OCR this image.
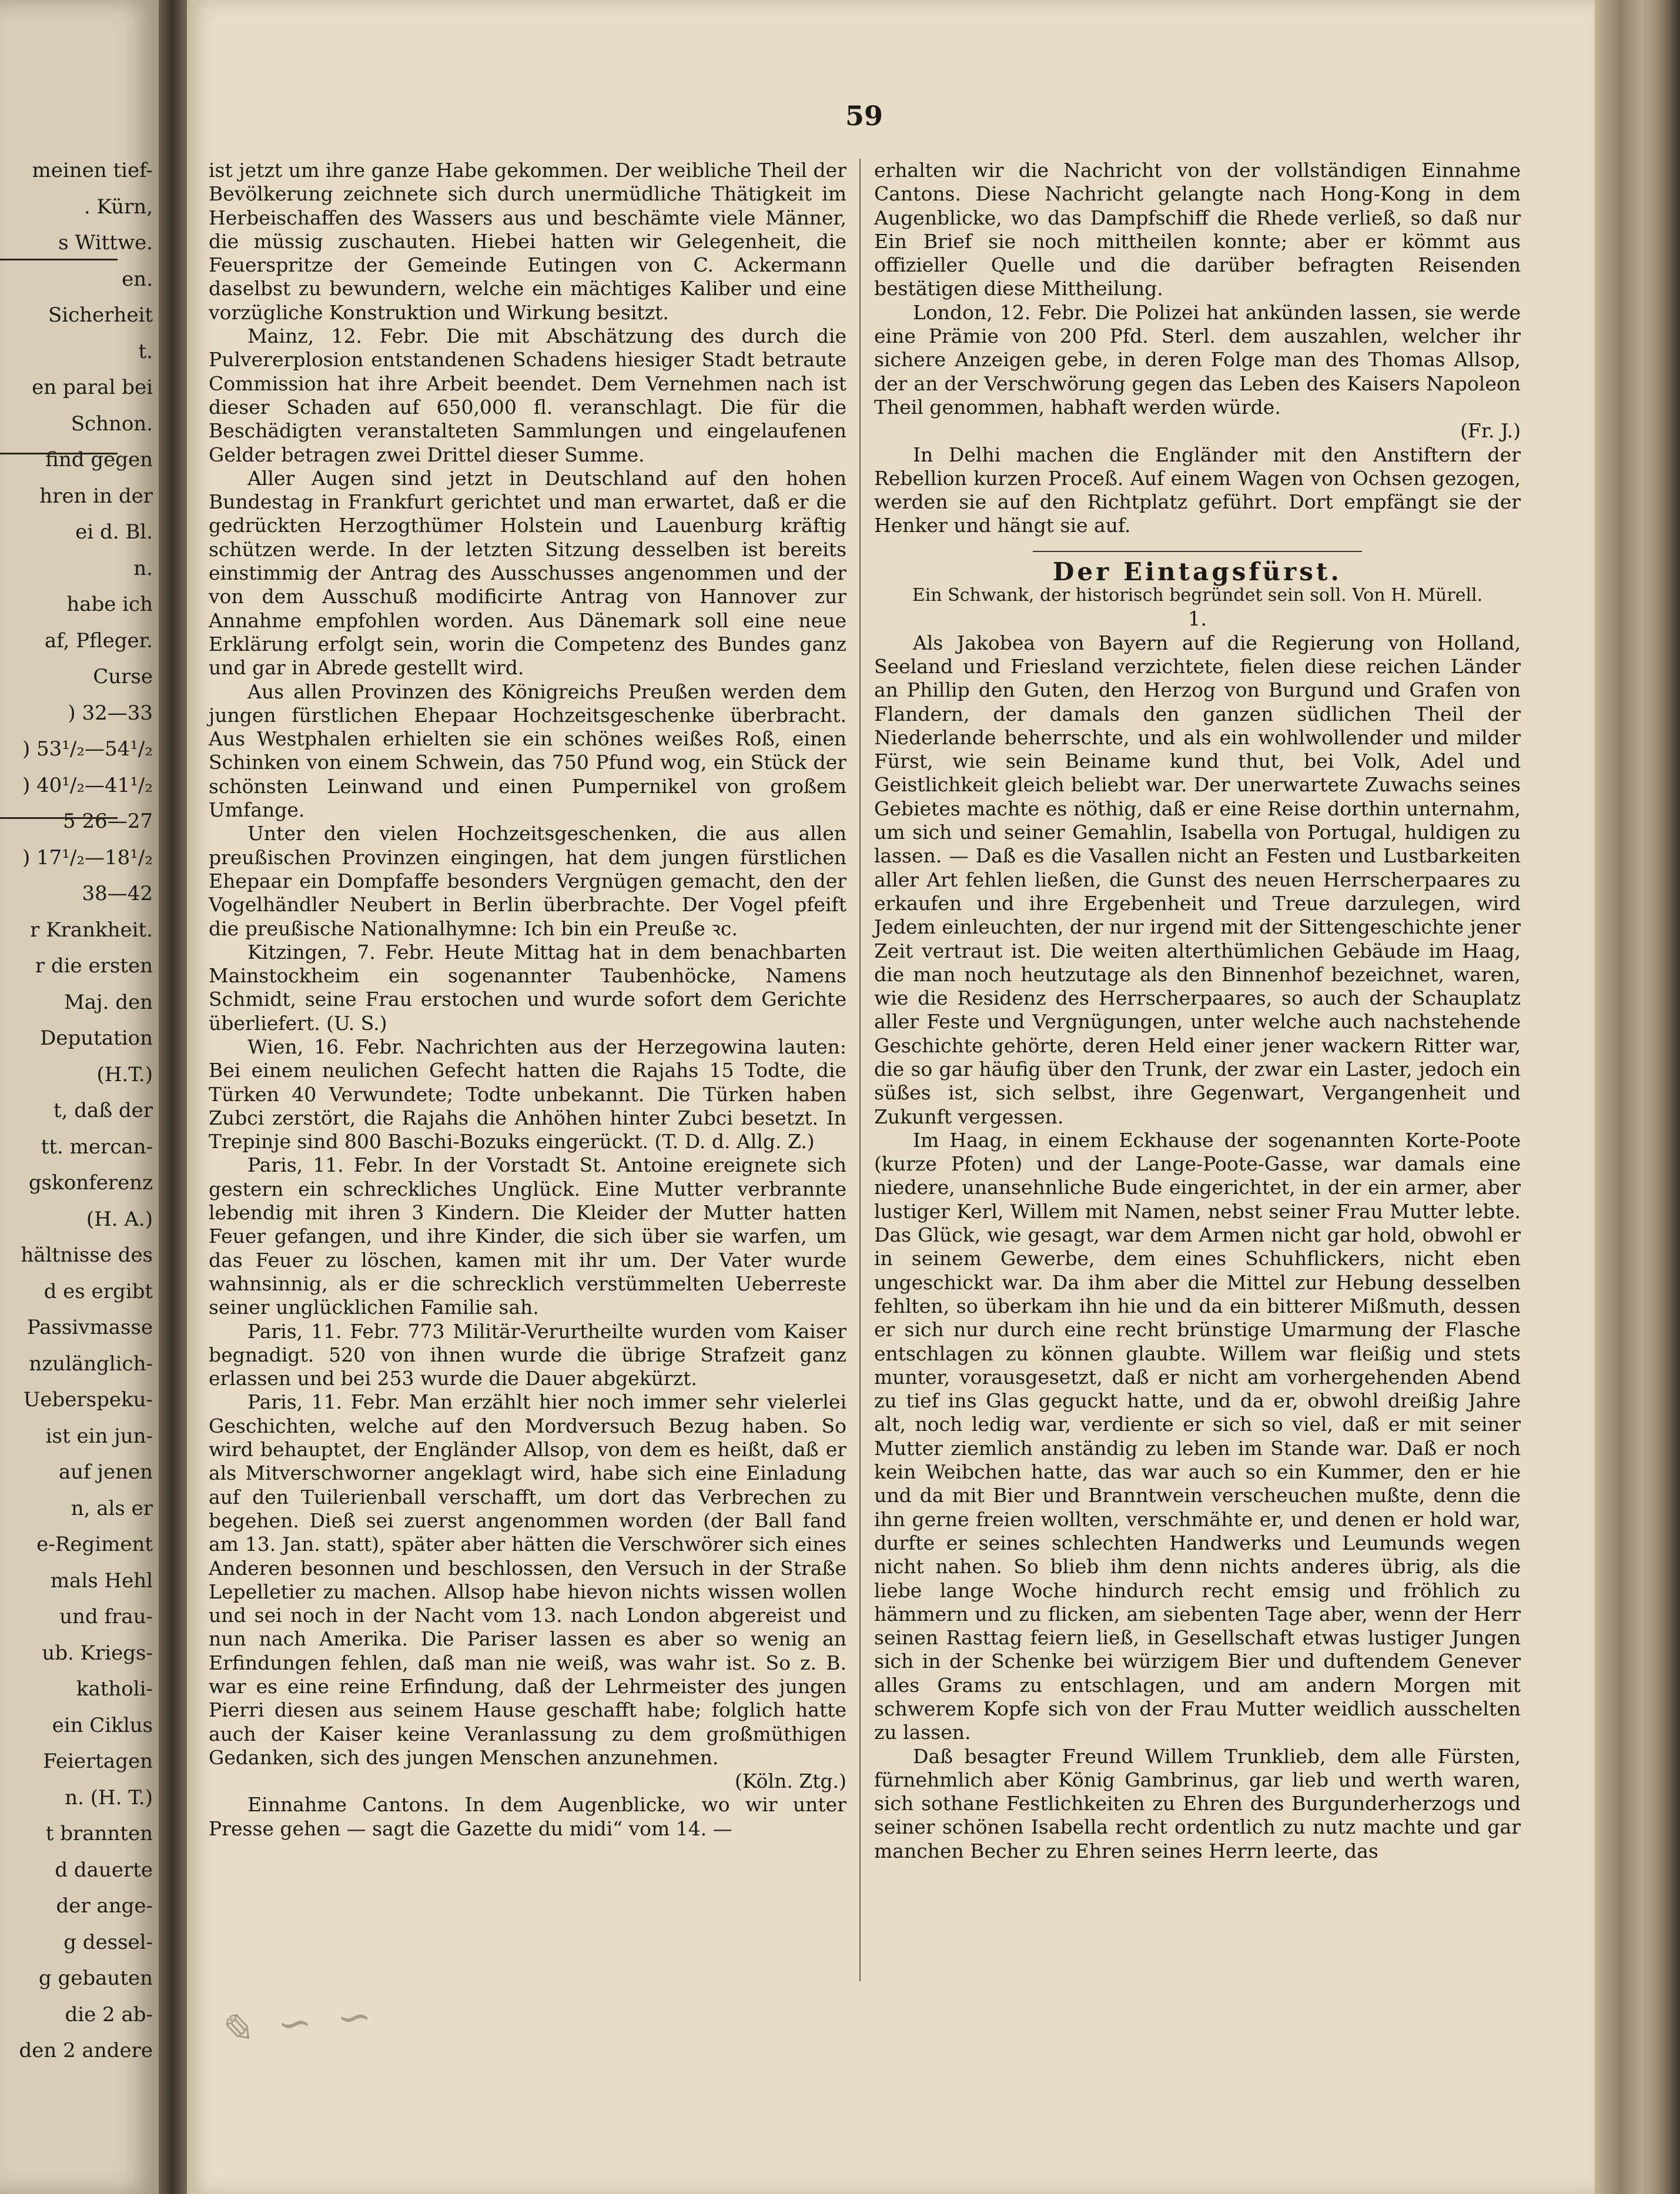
meinen tief-
. Kürn,
s Wittwe.
en.
Sicherheit
t.
en paral bei
Schnon.
find gegen
hren in der
ei d. Bl.
n.
habe ich
af, Pfleger.
Curse
) 32—33
) 53¹/₂—54¹/₂
) 40¹/₂—41¹/₂
5 26—27
) 17¹/₂—18¹/₂
38—42
r Krankheit.
r die ersten
Maj. den
Deputation
(H.T.)
t, daß der
tt. mercan-
gskonferenz
(H. A.)
hältnisse des
d es ergibt
Passivmasse
nzulänglich-
Ueberspeku-
ist ein jun-
auf jenen
n, als er
e-Regiment
mals Hehl
und frau-
ub. Kriegs-
katholi-
ein Ciklus
Feiertagen
n. (H. T.)
t brannten
d dauerte
der ange-
g dessel-
g gebauten
die 2 ab-
den 2 andere
59

ist jetzt um ihre ganze Habe gekommen. Der weibliche Theil der Bevölkerung zeichnete sich durch unermüdliche Thätigkeit im Herbeischaffen des Wassers aus und beschämte viele Männer, die müssig zuschauten. Hiebei hatten wir Gelegenheit, die Feuerspritze der Gemeinde Eutingen von C. Ackermann daselbst zu bewundern, welche ein mächtiges Kaliber und eine vorzügliche Konstruktion und Wirkung besitzt.

Mainz, 12. Febr. Die mit Abschätzung des durch die Pulvererplosion entstandenen Schadens hiesiger Stadt betraute Commission hat ihre Arbeit beendet. Dem Vernehmen nach ist dieser Schaden auf 650,000 fl. veranschlagt. Die für die Beschädigten veranstalteten Sammlungen und eingelaufenen Gelder betragen zwei Drittel dieser Summe.

Aller Augen sind jetzt in Deutschland auf den hohen Bundestag in Frankfurt gerichtet und man erwartet, daß er die gedrückten Herzogthümer Holstein und Lauenburg kräftig schützen werde. In der letzten Sitzung desselben ist bereits einstimmig der Antrag des Ausschusses angenommen und der von dem Ausschuß modificirte Antrag von Hannover zur Annahme empfohlen worden. Aus Dänemark soll eine neue Erklärung erfolgt sein, worin die Competenz des Bundes ganz und gar in Abrede gestellt wird.

Aus allen Provinzen des Königreichs Preußen werden dem jungen fürstlichen Ehepaar Hochzeitsgeschenke überbracht. Aus Westphalen erhielten sie ein schönes weißes Roß, einen Schinken von einem Schwein, das 750 Pfund wog, ein Stück der schönsten Leinwand und einen Pumpernikel von großem Umfange.

Unter den vielen Hochzeitsgeschenken, die aus allen preußischen Provinzen eingingen, hat dem jungen fürstlichen Ehepaar ein Dompfaffe besonders Vergnügen gemacht, den der Vogelhändler Neubert in Berlin überbrachte. Der Vogel pfeift die preußische Nationalhymne: Ich bin ein Preuße ꝛc.

Kitzingen, 7. Febr. Heute Mittag hat in dem benachbarten Mainstockheim ein sogenannter Taubenhöcke, Namens Schmidt, seine Frau erstochen und wurde sofort dem Gerichte überliefert. (U. S.)

Wien, 16. Febr. Nachrichten aus der Herzegowina lauten: Bei einem neulichen Gefecht hatten die Rajahs 15 Todte, die Türken 40 Verwundete; Todte unbekannt. Die Türken haben Zubci zerstört, die Rajahs die Anhöhen hinter Zubci besetzt. In Trepinje sind 800 Baschi-Bozuks eingerückt. (T. D. d. Allg. Z.)

Paris, 11. Febr. In der Vorstadt St. Antoine ereignete sich gestern ein schreckliches Unglück. Eine Mutter verbrannte lebendig mit ihren 3 Kindern. Die Kleider der Mutter hatten Feuer gefangen, und ihre Kinder, die sich über sie warfen, um das Feuer zu löschen, kamen mit ihr um. Der Vater wurde wahnsinnig, als er die schrecklich verstümmelten Ueberreste seiner unglücklichen Familie sah.

Paris, 11. Febr. 773 Militär-Verurtheilte wurden vom Kaiser begnadigt. 520 von ihnen wurde die übrige Strafzeit ganz erlassen und bei 253 wurde die Dauer abgekürzt.

Paris, 11. Febr. Man erzählt hier noch immer sehr vielerlei Geschichten, welche auf den Mordversuch Bezug haben. So wird behauptet, der Engländer Allsop, von dem es heißt, daß er als Mitverschworner angeklagt wird, habe sich eine Einladung auf den Tuilerienball verschafft, um dort das Verbrechen zu begehen. Dieß sei zuerst angenommen worden (der Ball fand am 13. Jan. statt), später aber hätten die Verschwörer sich eines Anderen besonnen und beschlossen, den Versuch in der Straße Lepelletier zu machen. Allsop habe hievon nichts wissen wollen und sei noch in der Nacht vom 13. nach London abgereist und nun nach Amerika. Die Pariser lassen es aber so wenig an Erfindungen fehlen, daß man nie weiß, was wahr ist. So z. B. war es eine reine Erfindung, daß der Lehrmeister des jungen Pierri diesen aus seinem Hause geschafft habe; folglich hatte auch der Kaiser keine Veranlassung zu dem großmüthigen Gedanken, sich des jungen Menschen anzunehmen.

(Köln. Ztg.)

Einnahme Cantons. In dem Augenblicke, wo wir unter Presse gehen — sagt die Gazette du midi“ vom 14. —

erhalten wir die Nachricht von der vollständigen Einnahme Cantons. Diese Nachricht gelangte nach Hong-Kong in dem Augenblicke, wo das Dampfschiff die Rhede verließ, so daß nur Ein Brief sie noch mittheilen konnte; aber er kömmt aus offizieller Quelle und die darüber befragten Reisenden bestätigen diese Mittheilung.

London, 12. Febr. Die Polizei hat ankünden lassen, sie werde eine Prämie von 200 Pfd. Sterl. dem auszahlen, welcher ihr sichere Anzeigen gebe, in deren Folge man des Thomas Allsop, der an der Verschwörung gegen das Leben des Kaisers Napoleon Theil genommen, habhaft werden würde.

(Fr. J.)

In Delhi machen die Engländer mit den Anstiftern der Rebellion kurzen Proceß. Auf einem Wagen von Ochsen gezogen, werden sie auf den Richtplatz geführt. Dort empfängt sie der Henker und hängt sie auf.

Der Eintagsfürst.

Ein Schwank, der historisch begründet sein soll. Von H. Mürell.

1.

Als Jakobea von Bayern auf die Regierung von Holland, Seeland und Friesland verzichtete, fielen diese reichen Länder an Phillip den Guten, den Herzog von Burgund und Grafen von Flandern, der damals den ganzen südlichen Theil der Niederlande beherrschte, und als ein wohlwollender und milder Fürst, wie sein Beiname kund thut, bei Volk, Adel und Geistlichkeit gleich beliebt war. Der unerwartete Zuwachs seines Gebietes machte es nöthig, daß er eine Reise dorthin unternahm, um sich und seiner Gemahlin, Isabella von Portugal, huldigen zu lassen. — Daß es die Vasallen nicht an Festen und Lustbarkeiten aller Art fehlen ließen, die Gunst des neuen Herrscherpaares zu erkaufen und ihre Ergebenheit und Treue darzulegen, wird Jedem einleuchten, der nur irgend mit der Sittengeschichte jener Zeit vertraut ist. Die weiten alterthümlichen Gebäude im Haag, die man noch heutzutage als den Binnenhof bezeichnet, waren, wie die Residenz des Herrscherpaares, so auch der Schauplatz aller Feste und Vergnügungen, unter welche auch nachstehende Geschichte gehörte, deren Held einer jener wackern Ritter war, die so gar häufig über den Trunk, der zwar ein Laster, jedoch ein süßes ist, sich selbst, ihre Gegenwart, Vergangenheit und Zukunft vergessen.

Im Haag, in einem Eckhause der sogenannten Korte-Poote (kurze Pfoten) und der Lange-Poote-Gasse, war damals eine niedere, unansehnliche Bude eingerichtet, in der ein armer, aber lustiger Kerl, Willem mit Namen, nebst seiner Frau Mutter lebte. Das Glück, wie gesagt, war dem Armen nicht gar hold, obwohl er in seinem Gewerbe, dem eines Schuhflickers, nicht eben ungeschickt war. Da ihm aber die Mittel zur Hebung desselben fehlten, so überkam ihn hie und da ein bitterer Mißmuth, dessen er sich nur durch eine recht brünstige Umarmung der Flasche entschlagen zu können glaubte. Willem war fleißig und stets munter, vorausgesetzt, daß er nicht am vorhergehenden Abend zu tief ins Glas geguckt hatte, und da er, obwohl dreißig Jahre alt, noch ledig war, verdiente er sich so viel, daß er mit seiner Mutter ziemlich anständig zu leben im Stande war. Daß er noch kein Weibchen hatte, das war auch so ein Kummer, den er hie und da mit Bier und Branntwein verscheuchen mußte, denn die ihn gerne freien wollten, verschmähte er, und denen er hold war, durfte er seines schlechten Handwerks und Leumunds wegen nicht nahen. So blieb ihm denn nichts anderes übrig, als die liebe lange Woche hindurch recht emsig und fröhlich zu hämmern und zu flicken, am siebenten Tage aber, wenn der Herr seinen Rasttag feiern ließ, in Gesellschaft etwas lustiger Jungen sich in der Schenke bei würzigem Bier und duftendem Genever alles Grams zu entschlagen, und am andern Morgen mit schwerem Kopfe sich von der Frau Mutter weidlich ausschelten zu lassen.

Daß besagter Freund Willem Trunklieb, dem alle Fürsten, fürnehmlich aber König Gambrinus, gar lieb und werth waren, sich sothane Festlichkeiten zu Ehren des Burgunderherzogs und seiner schönen Isabella recht ordentlich zu nutz machte und gar manchen Becher zu Ehren seines Herrn leerte, das

✎ ∽ ∽
